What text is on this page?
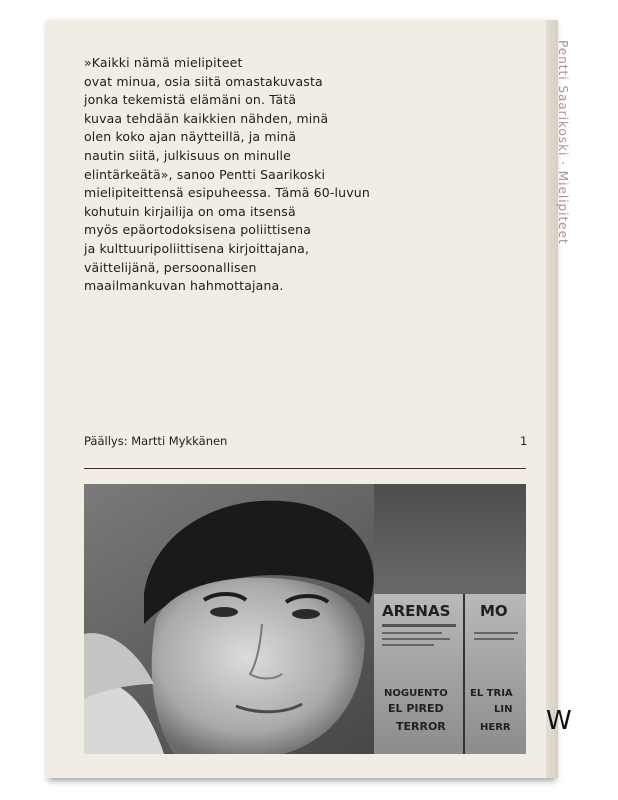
Pentti Saarikoski · Mielipiteet

»Kaikki nämä mielipiteet
ovat minua, osia siitä omastakuvasta
jonka tekemistä elämäni on. Tätä
kuvaa tehdään kaikkien nähden, minä
olen koko ajan näytteillä, ja minä
nautin siitä, julkisuus on minulle
elintärkeätä», sanoo Pentti Saarikoski
mielipiteittensä esipuheessa. Tämä 60-luvun
kohutuin kirjailija on oma itsensä
myös epäortodoksisena poliittisena
ja kulttuuripoliittisena kirjoittajana,
väittelijänä, persoonallisen
maailmankuvan hahmottajana.

Päällys: Martti Mykkänen	1
ARENAS MO
NOGUENTO
EL PIRED
TERROR
EL TRIA
LIN
HERR W
